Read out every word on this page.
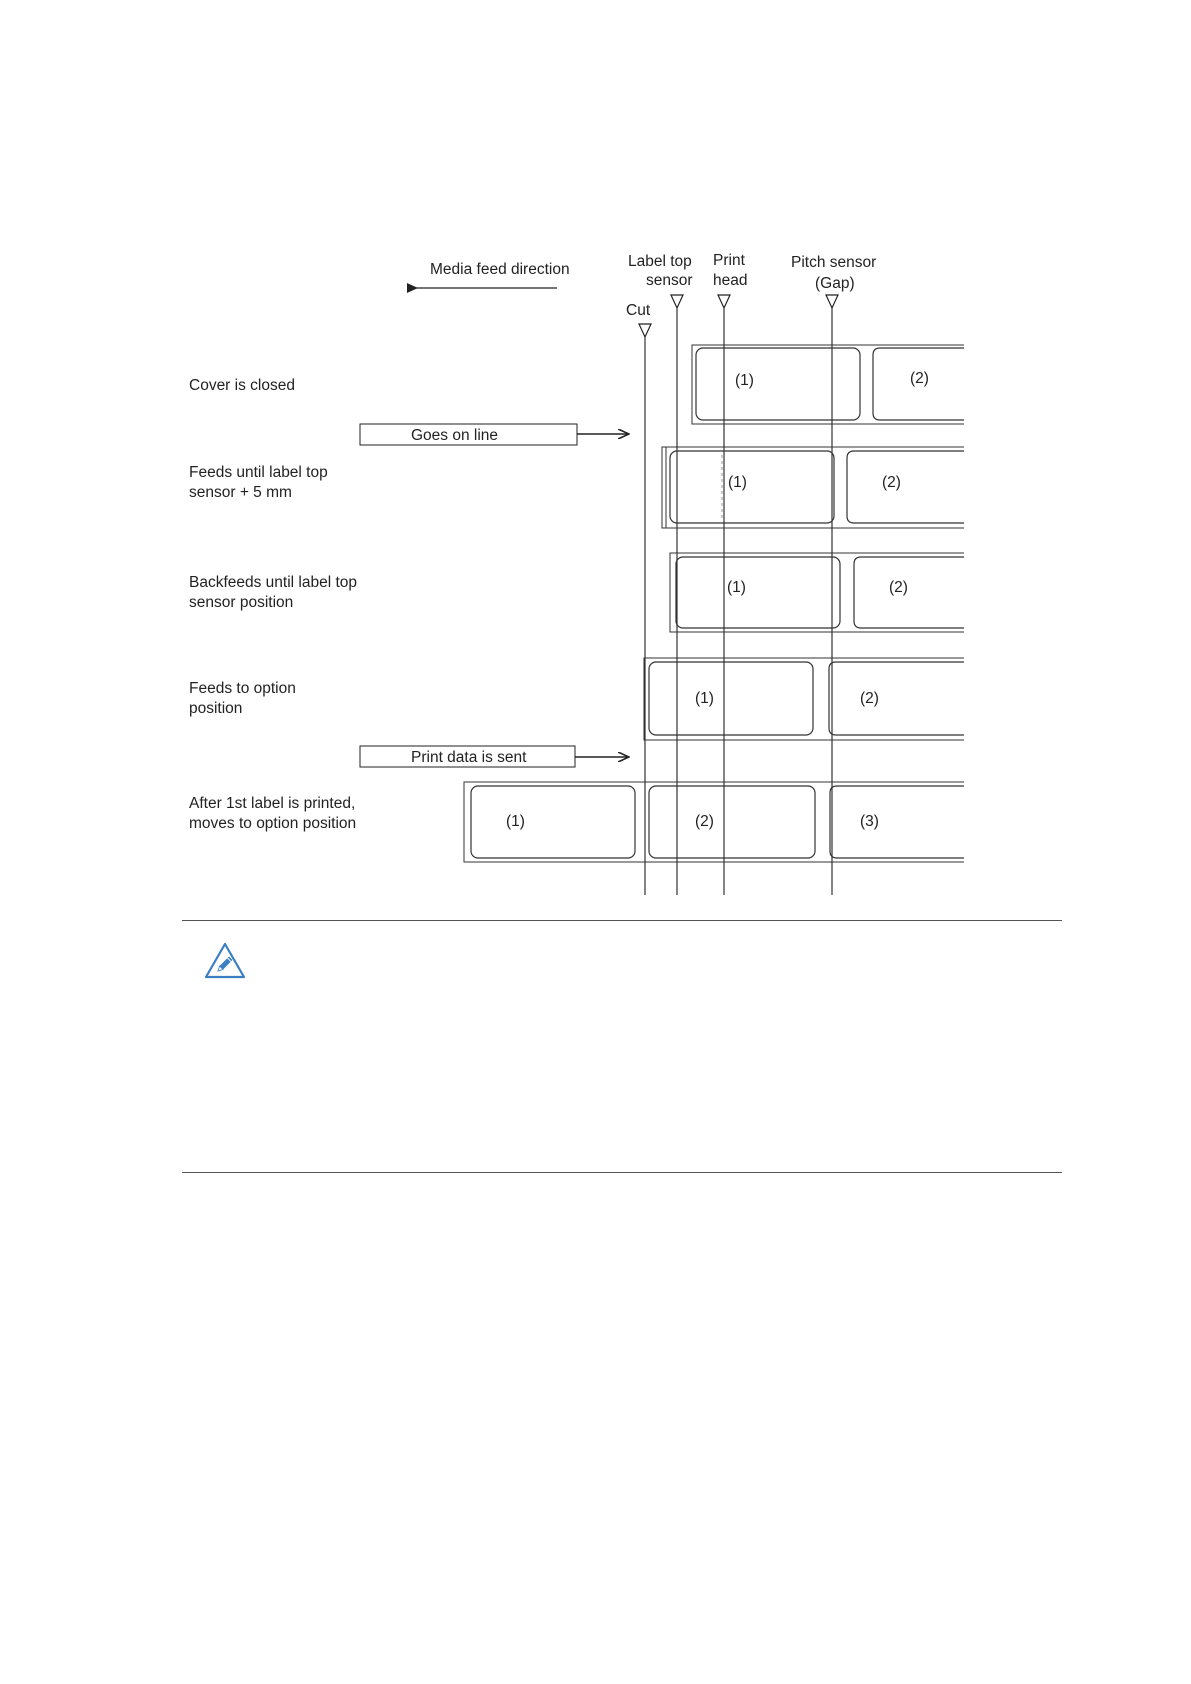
Media feed direction
Cut
Label top
sensor
Print
head
Pitch sensor
(Gap)
Cover is closed
Feeds until label top
sensor + 5 mm
Backfeeds until label top
sensor position
Feeds to option
position
After 1st label is printed,
moves to option position
Goes on line
Print data is sent
(1)	(2)
(1)	(2)
(1)	(2)
(1)	(2)
(1)	(2)	(3)
